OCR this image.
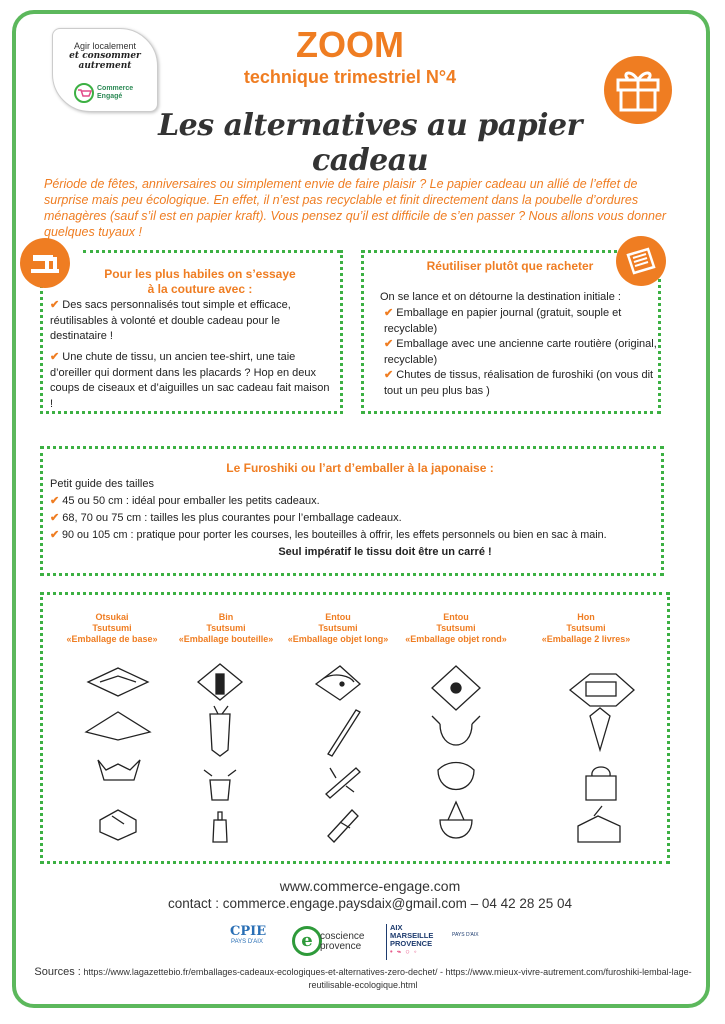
Agir localement
et consommer
autrement
Commerce Engagé
ZOOM
technique trimestriel N°4
Les alternatives au papier cadeau

Période de fêtes, anniversaires ou simplement envie de faire plaisir ? Le papier cadeau un allié de l’effet de surprise mais peu écologique. En effet, il n’est pas recyclable et finit directement dans la poubelle d’ordures ménagères (sauf s’il est en papier kraft). Vous pensez qu’il est difficile de s’en passer ? Nous allons vous donner quelques tuyaux !

Pour les plus habiles on s’essaye
à la couture avec :
✔ Des sacs personnalisés tout simple et efficace, réutilisables à volonté et double cadeau pour le destinataire !
✔ Une chute de tissu, un ancien tee-shirt, une taie d’oreiller qui dorment dans les placards ? Hop en deux coups de ciseaux et d’aiguilles un sac cadeau fait maison !
Réutiliser plutôt que racheter
On se lance et on détourne la destination initiale :
✔ Emballage en papier journal (gratuit, souple et recyclable)
✔ Emballage avec une ancienne carte routière (original, recyclable)
✔ Chutes de tissus, réalisation de furoshiki (on vous dit tout un peu plus bas )
Le Furoshiki ou l’art d’emballer à la japonaise :
Petit guide des tailles
✔ 45 ou 50 cm : idéal pour emballer les petits cadeaux.
✔ 68, 70 ou 75 cm : tailles les plus courantes pour l’emballage cadeaux.
✔ 90 ou 105 cm : pratique pour porter les courses, les bouteilles à offrir, les effets personnels ou bien en sac à main.
Seul impératif le tissu doit être un carré !
Otsukai
Tsutsumi
«Emballage de base»
Bin
Tsutsumi
«Emballage bouteille»
Entou
Tsutsumi
«Emballage objet long»
Entou
Tsutsumi
«Emballage objet rond»
Hon
Tsutsumi
«Emballage 2 livres»
www.commerce-engage.com
contact : commerce.engage.paysdaix@gmail.com – 04 42 28 25 04
CPIE
PAYS D'AIX	e coscience
provence
AIX
MARSEILLE
PROVENCE
• ⌁ ○ ◦
PAYS D'AIX
Sources : https://www.lagazettebio.fr/emballages-cadeaux-ecologiques-et-alternatives-zero-dechet/ - https://www.mieux-vivre-autrement.com/furoshiki-lembal-lage-reutilisable-ecologique.html
